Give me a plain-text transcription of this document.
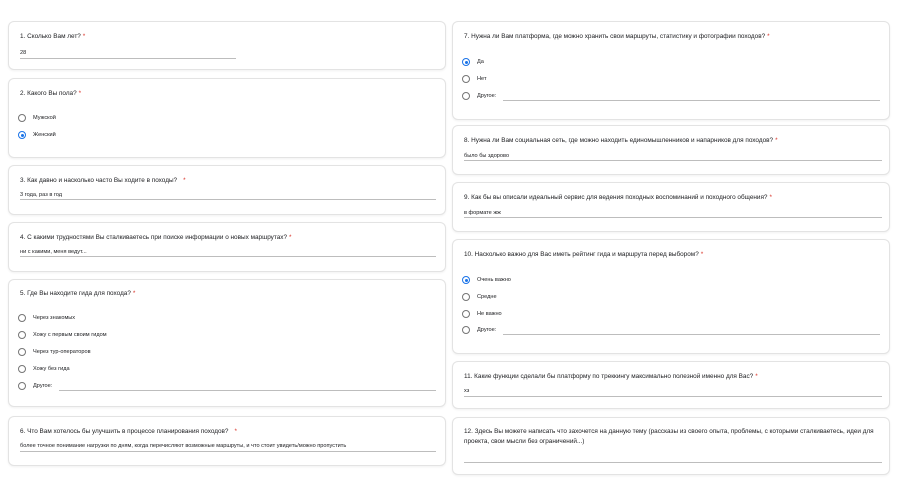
1. Сколько Вам лет? *
28
2. Какого Вы пола? *
Мужской
Женский
3. Как давно и насколько часто Вы ходите в походы? *
3 года, раз в год
4. С какими трудностями Вы сталкиваетесь при поиске информации о новых маршрутах? *
ни с какими, меня ведут...
5. Где Вы находите гида для похода? *
Через знакомых
Хожу с первым своим гидом
Через тур-операторов
Хожу без гида
Другое:
6. Что Вам хотелось бы улучшить в процессе планирования походов? *
более точное понимание нагрузки по дням, когда перечисляют возможные маршруты, и что стоит увидеть/можно пропустить
7. Нужна ли Вам платформа, где можно хранить свои маршруты, статистику и фотографии походов? *
Да
Нет
Другое:
8. Нужна ли Вам социальная сеть, где можно находить единомышленников и напарников для походов? *
было бы здорово
9. Как бы вы описали идеальный сервис для ведения походных воспоминаний и походного общения? *
в формате жж
10. Насколько важно для Вас иметь рейтинг гида и маршрута перед выбором? *
Очень важно
Средне
Не важно
Другое:
11. Какие функции сделали бы платформу по треккингу максимально полезной именно для Вас? *
хз
12. Здесь Вы можете написать что захочется на данную тему (рассказы из своего опыта, проблемы, с которыми сталкиваетесь, идеи для проекта, свои мысли без ограничений...)
